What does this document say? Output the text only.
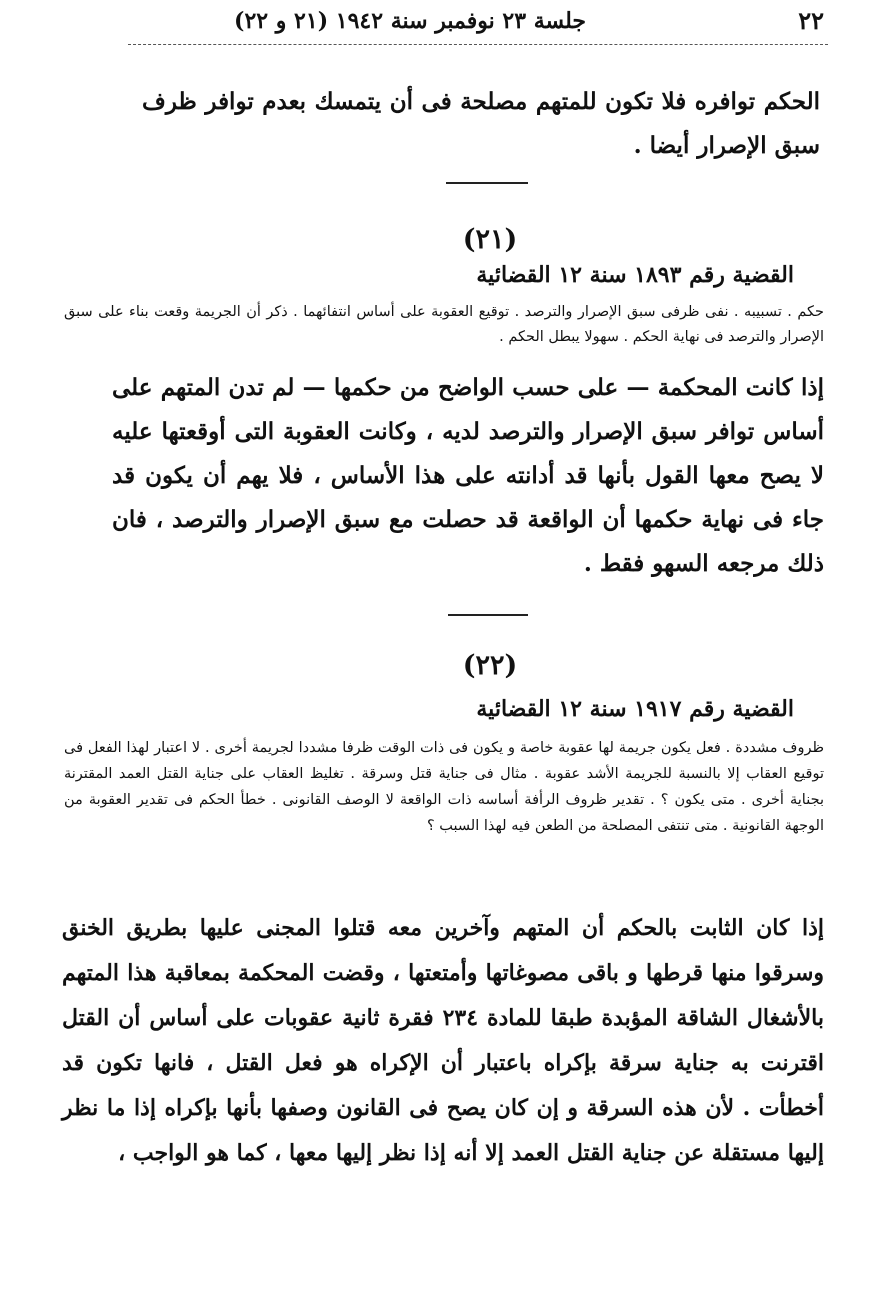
٢٢
جلسة ٢٣ نوفمبر سنة ١٩٤٢ (٢١ و ٢٢)

الحكم توافره فلا تكون للمتهم مصلحة فى أن يتمسك بعدم توافر ظرف سبق الإصرار أيضا .

(٢١)
القضية رقم ١٨٩٣ سنة ١٢ القضائية

حكم . تسبيبه . نفى ظرفى سبق الإصرار والترصد . توقيع العقوبة على أساس انتفائهما . ذكر أن الجريمة وقعت بناء على سبق الإصرار والترصد فى نهاية الحكم . سهولا يبطل الحكم .

إذا كانت المحكمة — على حسب الواضح من حكمها — لم تدن المتهم على أساس توافر سبق الإصرار والترصد لديه ، وكانت العقوبة التى أوقعتها عليه لا يصح معها القول بأنها قد أدانته على هذا الأساس ، فلا يهم أن يكون قد جاء فى نهاية حكمها أن الواقعة قد حصلت مع سبق الإصرار والترصد ، فان ذلك مرجعه السهو فقط .

(٢٢)
القضية رقم ١٩١٧ سنة ١٢ القضائية

ظروف مشددة . فعل يكون جريمة لها عقوبة خاصة و يكون فى ذات الوقت ظرفا مشددا لجريمة أخرى . لا اعتبار لهذا الفعل فى توقيع العقاب إلا بالنسبة للجريمة الأشد عقوبة . مثال فى جناية قتل وسرقة . تغليظ العقاب على جناية القتل العمد المقترنة بجناية أخرى . متى يكون ؟ . تقدير ظروف الرأفة أساسه ذات الواقعة لا الوصف القانونى . خطأ الحكم فى تقدير العقوبة من الوجهة القانونية . متى تنتفى المصلحة من الطعن فيه لهذا السبب ؟

إذا كان الثابت بالحكم أن المتهم وآخرين معه قتلوا المجنى عليها بطريق الخنق وسرقوا منها قرطها و باقى مصوغاتها وأمتعتها ، وقضت المحكمة بمعاقبة هذا المتهم بالأشغال الشاقة المؤبدة طبقا للمادة ٢٣٤ فقرة ثانية عقوبات على أساس أن القتل اقترنت به جناية سرقة بإكراه باعتبار أن الإكراه هو فعل القتل ، فانها تكون قد أخطأت . لأن هذه السرقة و إن كان يصح فى القانون وصفها بأنها بإكراه إذا ما نظر إليها مستقلة عن جناية القتل العمد إلا أنه إذا نظر إليها معها ، كما هو الواجب ،
